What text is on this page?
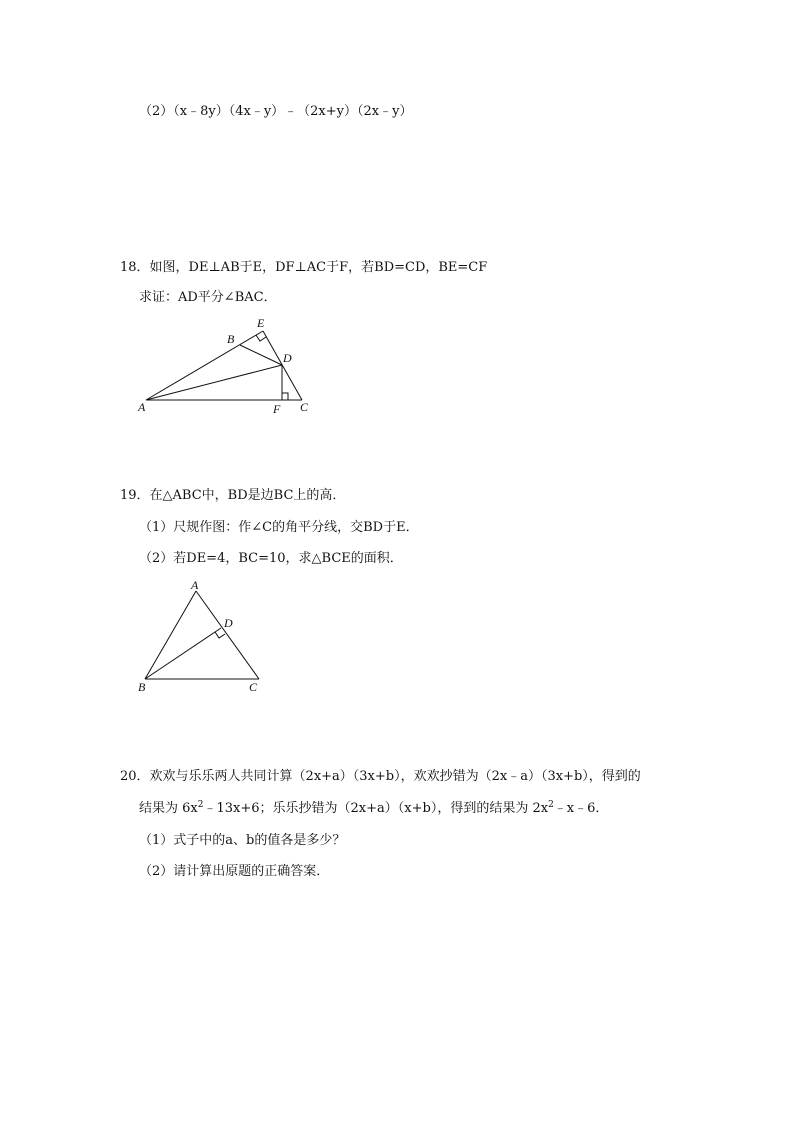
（2）（x﹣8y）（4x﹣y）﹣（2x+y）（2x﹣y）
18．如图，DE⊥AB于E，DF⊥AC于F，若BD=CD，BE=CF
求证：AD平分∠BAC．
A
B
E
D
F C
19．在△ABC中，BD是边BC上的高．
（1）尺规作图：作∠C的角平分线，交BD于E．
（2）若DE=4，BC=10，求△BCE的面积．
A
D
B	C
20．欢欢与乐乐两人共同计算（2x+a）（3x+b），欢欢抄错为（2x﹣a）（3x+b），得到的
结果为 $6x^2﹣13x+6$；乐乐抄错为（2x+a）（x+b），得到的结果为 $2x^2﹣x﹣6$．
（1）式子中的a、b的值各是多少？
（2）请计算出原题的正确答案．
